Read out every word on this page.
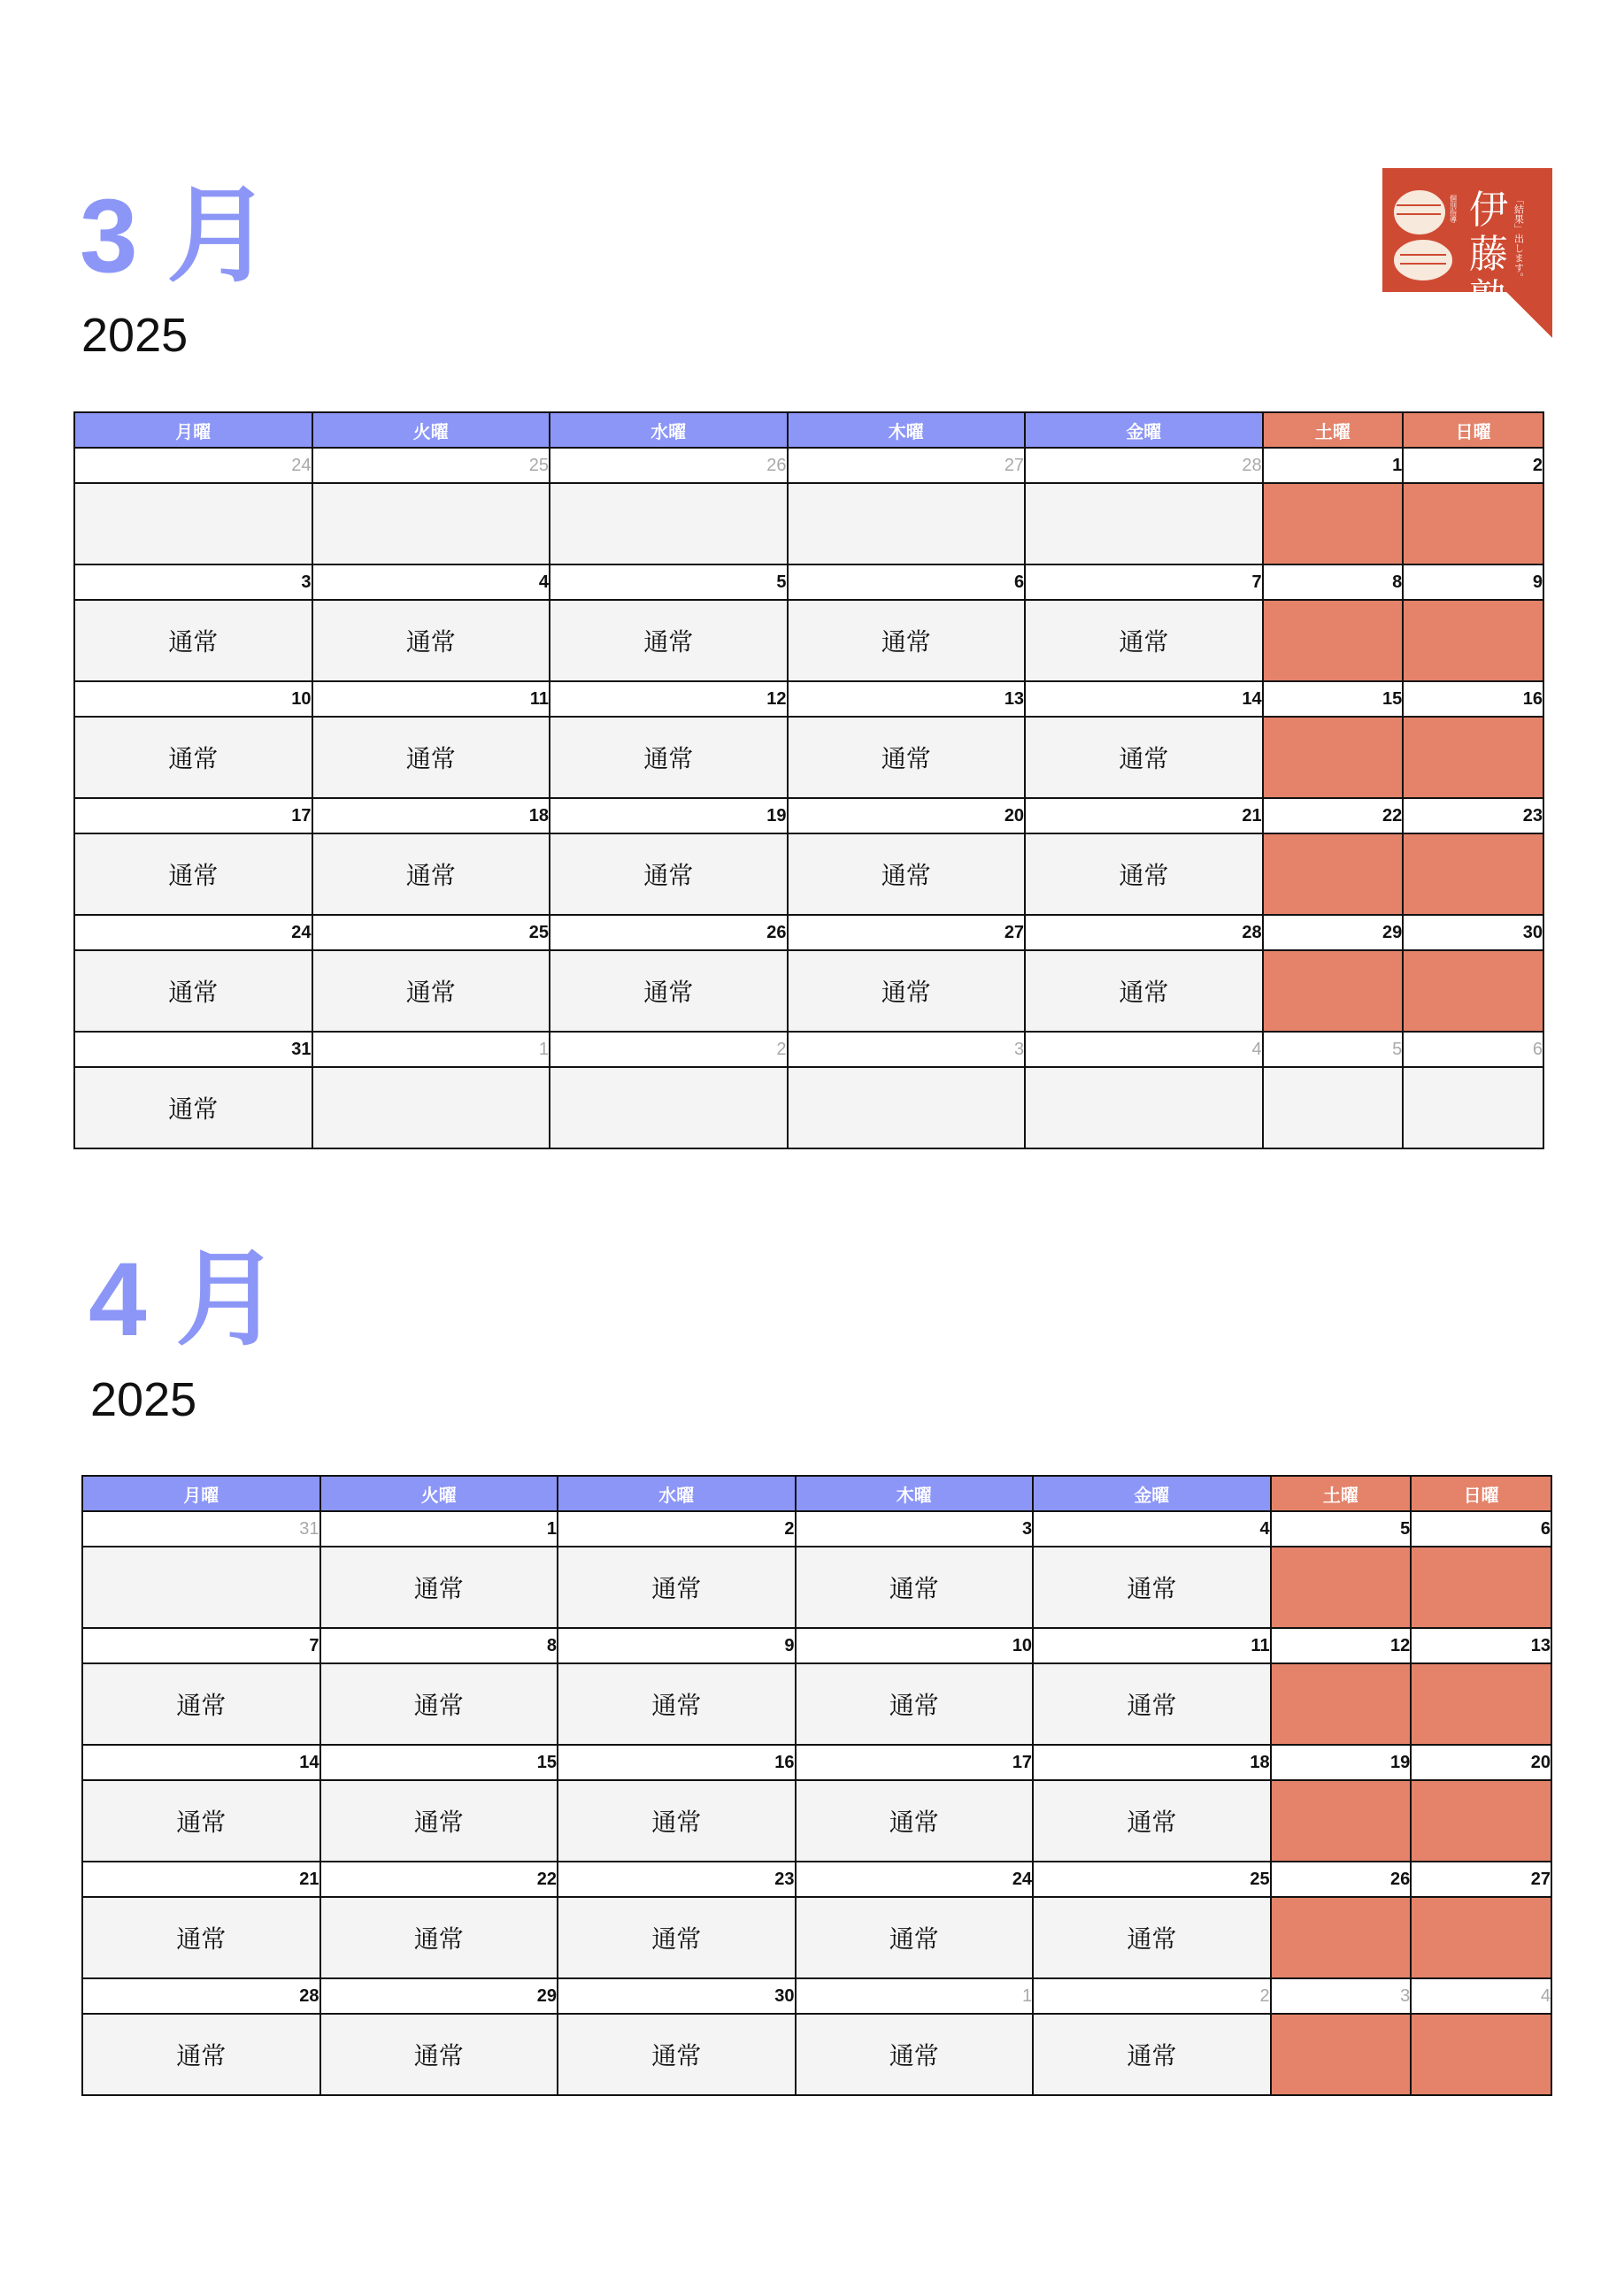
3 月
2025
月曜	火曜	水曜	木曜	金曜	土曜	日曜
24	25	26	27	28	1	2

3	4	5	6	7	8	9
通常	通常	通常	通常	通常		
10	11	12	13	14	15	16
通常	通常	通常	通常	通常		
17	18	19	20	21	22	23
通常	通常	通常	通常	通常		
24	25	26	27	28	29	30
通常	通常	通常	通常	通常		
31	1	2	3	4	5	6
通常						
4 月
2025
月曜	火曜	水曜	木曜	金曜	土曜	日曜
31	1	2	3	4	5	6
	通常	通常	通常	通常		
7	8	9	10	11	12	13
通常	通常	通常	通常	通常		
14	15	16	17	18	19	20
通常	通常	通常	通常	通常		
21	22	23	24	25	26	27
通常	通常	通常	通常	通常		
28	29	30	1	2	3	4
通常	通常	通常	通常	通常		
伊
藤
塾
「結果」出します。
個別指導
